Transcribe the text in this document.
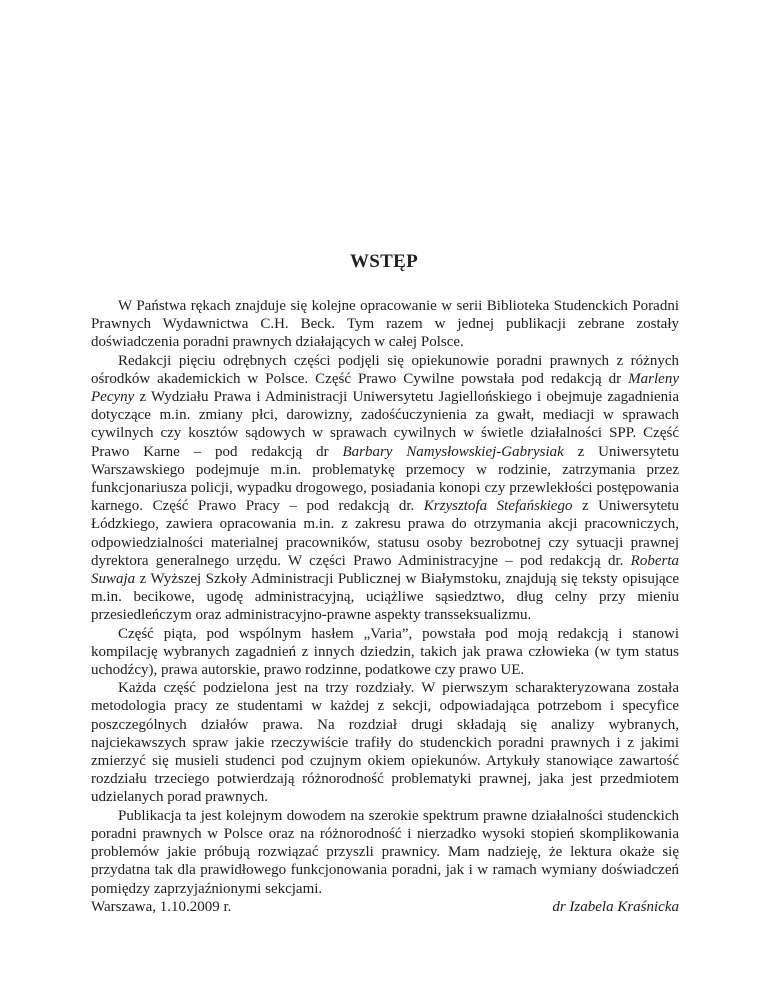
WSTĘP

W Państwa rękach znajduje się kolejne opracowanie w serii Biblioteka Studenckich Poradni Prawnych Wydawnictwa C.H. Beck. Tym razem w jednej publikacji zebrane zostały doświadczenia poradni prawnych działających w całej Polsce.

Redakcji pięciu odrębnych części podjęli się opiekunowie poradni prawnych z różnych ośrodków akademickich w Polsce. Część Prawo Cywilne powstała pod redakcją dr Marleny Pecyny z Wydziału Prawa i Administracji Uniwersytetu Jagiellońskiego i obejmuje zagadnienia dotyczące m.in. zmiany płci, darowizny, zadośćuczynienia za gwałt, mediacji w sprawach cywilnych czy kosztów sądowych w sprawach cywilnych w świetle działalności SPP. Część Prawo Karne – pod redakcją dr Barbary Namysłowskiej-Gabrysiak z Uniwersytetu Warszawskiego podejmuje m.in. problematykę przemocy w rodzinie, zatrzymania przez funkcjonariusza policji, wypadku drogowego, posiadania konopi czy przewlekłości postępowania karnego. Część Prawo Pracy – pod redakcją dr. Krzysztofa Stefańskiego z Uniwersytetu Łódzkiego, zawiera opracowania m.in. z zakresu prawa do otrzymania akcji pracowniczych, odpowiedzialności materialnej pracowników, statusu osoby bezrobotnej czy sytuacji prawnej dyrektora generalnego urzędu. W części Prawo Administracyjne – pod redakcją dr. Roberta Suwaja z Wyższej Szkoły Administracji Publicznej w Białymstoku, znajdują się teksty opisujące m.in. becikowe, ugodę administracyjną, uciążliwe sąsiedztwo, dług celny przy mieniu przesiedleńczym oraz administracyjno-prawne aspekty transseksualizmu.

Część piąta, pod wspólnym hasłem „Varia”, powstała pod moją redakcją i stanowi kompilację wybranych zagadnień z innych dziedzin, takich jak prawa człowieka (w tym status uchodźcy), prawa autorskie, prawo rodzinne, podatkowe czy prawo UE.

Każda część podzielona jest na trzy rozdziały. W pierwszym scharakteryzowana została metodologia pracy ze studentami w każdej z sekcji, odpowiadająca potrzebom i specyfice poszczególnych działów prawa. Na rozdział drugi składają się analizy wybranych, najciekawszych spraw jakie rzeczywiście trafiły do studenckich poradni prawnych i z jakimi zmierzyć się musieli studenci pod czujnym okiem opiekunów. Artykuły stanowiące zawartość rozdziału trzeciego potwierdzają różnorodność problematyki prawnej, jaka jest przedmiotem udzielanych porad prawnych.

Publikacja ta jest kolejnym dowodem na szerokie spektrum prawne działalności studenckich poradni prawnych w Polsce oraz na różnorodność i nierzadko wysoki stopień skomplikowania problemów jakie próbują rozwiązać przyszli prawnicy. Mam nadzieję, że lektura okaże się przydatna tak dla prawidłowego funkcjonowania poradni, jak i w ramach wymiany doświadczeń pomiędzy zaprzyjaźnionymi sekcjami.

Warszawa, 1.10.2009 r.	dr Izabela Kraśnicka
